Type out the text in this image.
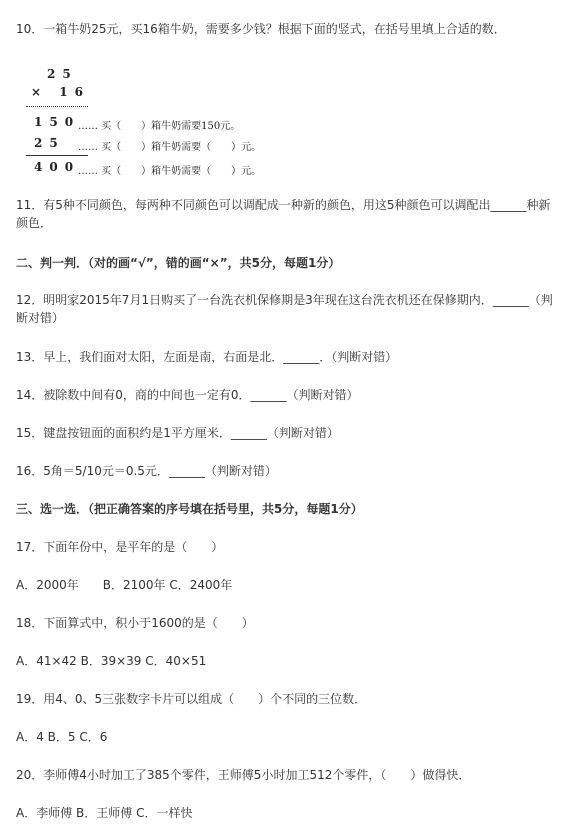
10．一箱牛奶25元，买16箱牛奶，需要多少钱？根据下面的竖式，在括号里填上合适的数．
25
× 16
150
…… 买（　　）箱牛奶需要150元。
25 …… 买（　　）箱牛奶需要（　　）元。
400
…… 买（　　）箱牛奶需要（　　）元。
11．有5种不同颜色，每两种不同颜色可以调配成一种新的颜色，用这5种颜色可以调配出______种新颜色．
二、判一判．（对的画“√”，错的画“×”，共5分，每题1分）
12．明明家2015年7月1日购买了一台洗衣机保修期是3年现在这台洗衣机还在保修期内．______（判断对错）
13．早上，我们面对太阳，左面是南，右面是北．______．（判断对错）
14．被除数中间有0，商的中间也一定有0．______（判断对错）
15．键盘按钮面的面积约是1平方厘米．______（判断对错）
16．5角＝5/10元＝0.5元．______（判断对错）
三、选一选．（把正确答案的序号填在括号里，共5分，每题1分）
17．下面年份中，是平年的是（　　）
A．2000年　　B．2100年 C．2400年
18．下面算式中，积小于1600的是（　　）
A．41×42 B．39×39 C．40×51
19．用4、0、5三张数字卡片可以组成（　　）个不同的三位数．
A．4 B．5 C．6
20．李师傅4小时加工了385个零件，王师傅5小时加工512个零件，（　　）做得快．
A．李师傅 B．王师傅 C．一样快
